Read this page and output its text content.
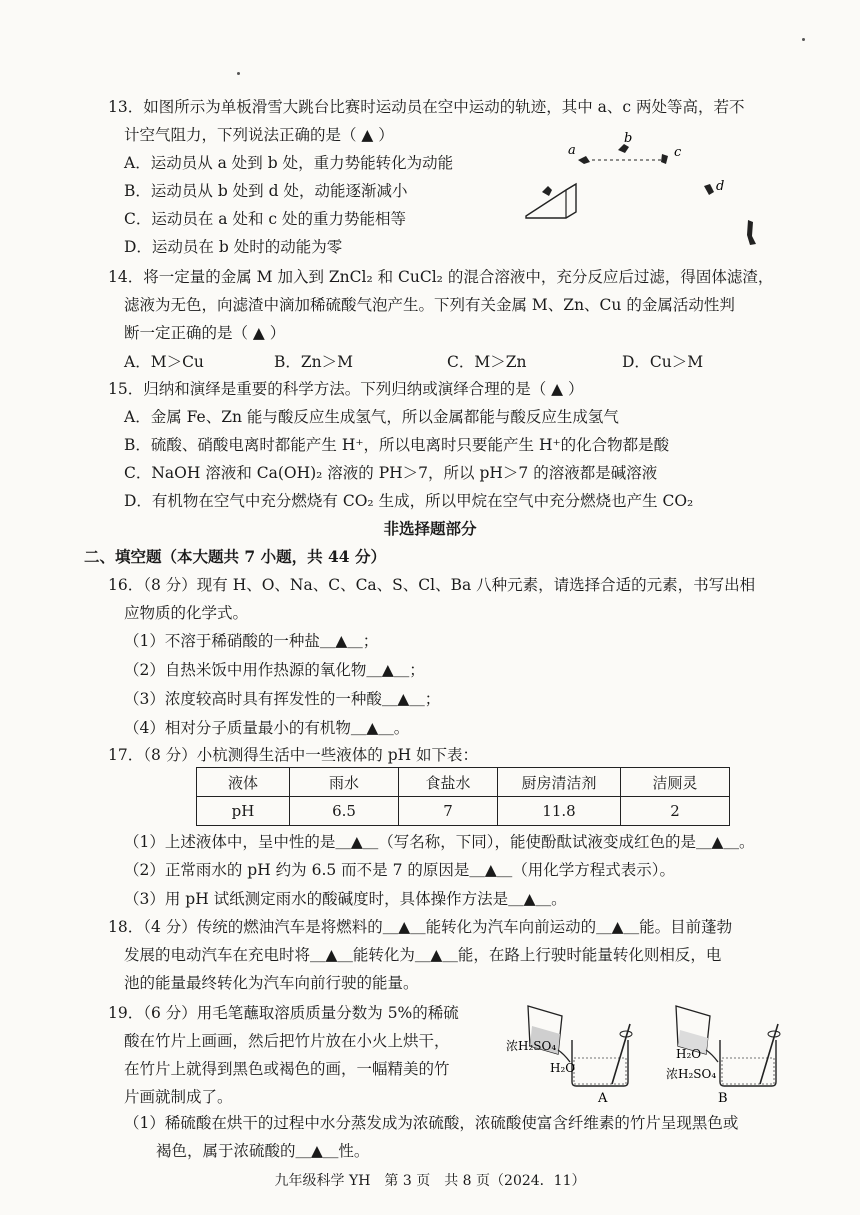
13．如图所示为单板滑雪大跳台比赛时运动员在空中运动的轨迹，其中 a、c 两处等高，若不
计空气阻力，下列说法正确的是（ ▲ ）
A．运动员从 a 处到 b 处，重力势能转化为动能
B．运动员从 b 处到 d 处，动能逐渐减小
C．运动员在 a 处和 c 处的重力势能相等
D．运动员在 b 处时的动能为零
a
b
c
d
14．将一定量的金属 M 加入到 ZnCl₂ 和 CuCl₂ 的混合溶液中，充分反应后过滤，得固体滤渣，
滤液为无色，向滤渣中滴加稀硫酸气泡产生。下列有关金属 M、Zn、Cu 的金属活动性判
断一定正确的是（ ▲ ）
A．M＞Cu	B．Zn＞M	C．M＞Zn	D．Cu＞M
15．归纳和演绎是重要的科学方法。下列归纳或演绎合理的是（ ▲ ）
A．金属 Fe、Zn 能与酸反应生成氢气，所以金属都能与酸反应生成氢气
B．硫酸、硝酸电离时都能产生 H⁺，所以电离时只要能产生 H⁺的化合物都是酸
C．NaOH 溶液和 Ca(OH)₂ 溶液的 PH＞7，所以 pH＞7 的溶液都是碱溶液
D．有机物在空气中充分燃烧有 CO₂ 生成，所以甲烷在空气中充分燃烧也产生 CO₂
非选择题部分
二、填空题（本大题共 7 小题，共 44 分）
16．（8 分）现有 H、O、Na、C、Ca、S、Cl、Ba 八种元素，请选择合适的元素，书写出相
应物质的化学式。
（1）不溶于稀硝酸的一种盐＿▲＿；
（2）自热米饭中用作热源的氧化物＿▲＿；
（3）浓度较高时具有挥发性的一种酸＿▲＿；
（4）相对分子质量最小的有机物＿▲＿。
17．（8 分）小杭测得生活中一些液体的 pH 如下表：
液体	雨水	食盐水	厨房清洁剂	洁厕灵
pH	6.5	7	11.8	2
（1）上述液体中，呈中性的是＿▲＿（写名称，下同），能使酚酞试液变成红色的是＿▲＿。
（2）正常雨水的 pH 约为 6.5 而不是 7 的原因是＿▲＿（用化学方程式表示）。
（3）用 pH 试纸测定雨水的酸碱度时，具体操作方法是＿▲＿。
18．（4 分）传统的燃油汽车是将燃料的＿▲＿能转化为汽车向前运动的＿▲＿能。目前蓬勃
发展的电动汽车在充电时将＿▲＿能转化为＿▲＿能，在路上行驶时能量转化则相反，电
池的能量最终转化为汽车向前行驶的能量。
19．（6 分）用毛笔蘸取溶质质量分数为 5%的稀硫
酸在竹片上画画，然后把竹片放在小火上烘干，
在竹片上就得到黑色或褐色的画，一幅精美的竹
片画就制成了。
浓H₂SO₄
H₂O
A
H₂O
浓H₂SO₄
B
（1）稀硫酸在烘干的过程中水分蒸发成为浓硫酸，浓硫酸使富含纤维素的竹片呈现黑色或
褐色，属于浓硫酸的＿▲＿性。
九年级科学 YH　第 3 页　共 8 页（2024．11）
